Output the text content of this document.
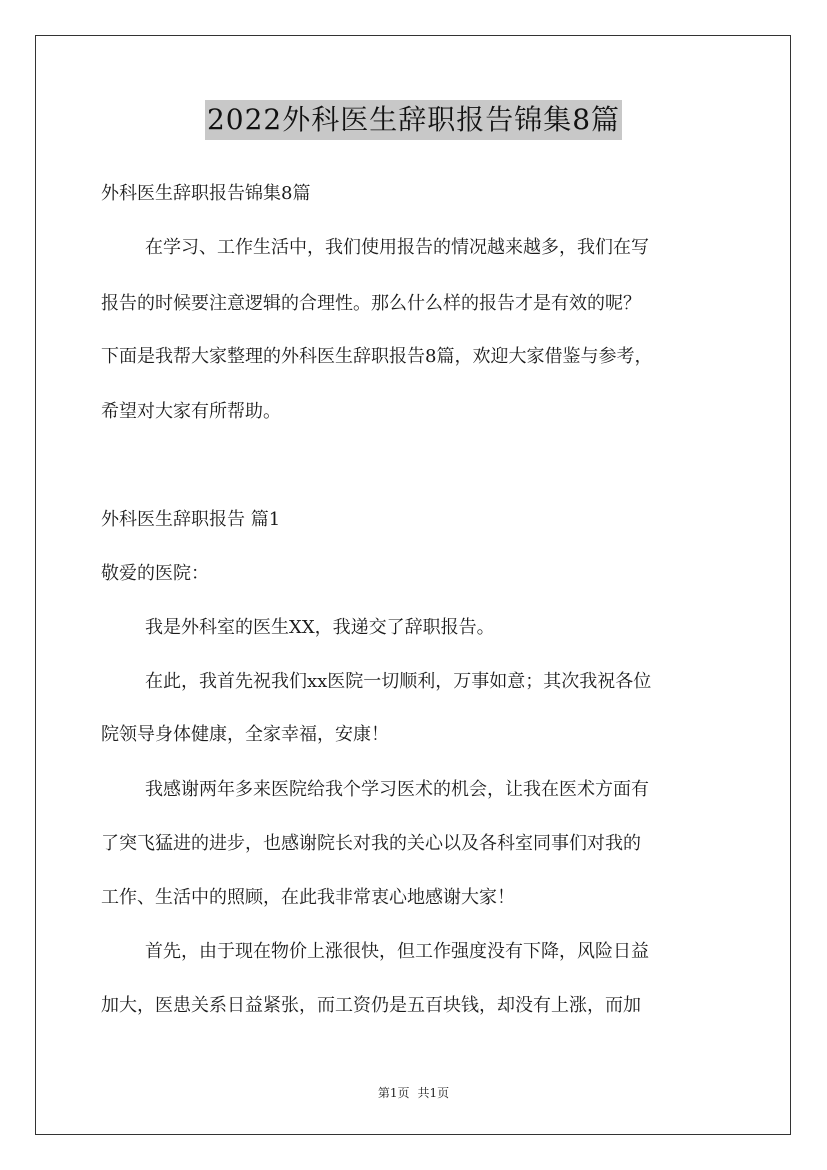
2022外科医生辞职报告锦集8篇
外科医生辞职报告锦集8篇
在学习、工作生活中，我们使用报告的情况越来越多，我们在写
报告的时候要注意逻辑的合理性。那么什么样的报告才是有效的呢？
下面是我帮大家整理的外科医生辞职报告8篇，欢迎大家借鉴与参考，
希望对大家有所帮助。
外科医生辞职报告 篇1
敬爱的医院：
我是外科室的医生XX，我递交了辞职报告。
在此，我首先祝我们xx医院一切顺利，万事如意；其次我祝各位
院领导身体健康，全家幸福，安康！
我感谢两年多来医院给我个学习医术的机会，让我在医术方面有
了突飞猛进的进步，也感谢院长对我的关心以及各科室同事们对我的
工作、生活中的照顾，在此我非常衷心地感谢大家！
首先，由于现在物价上涨很快，但工作强度没有下降，风险日益
加大，医患关系日益紧张，而工资仍是五百块钱，却没有上涨，而加
第1页 共1页
